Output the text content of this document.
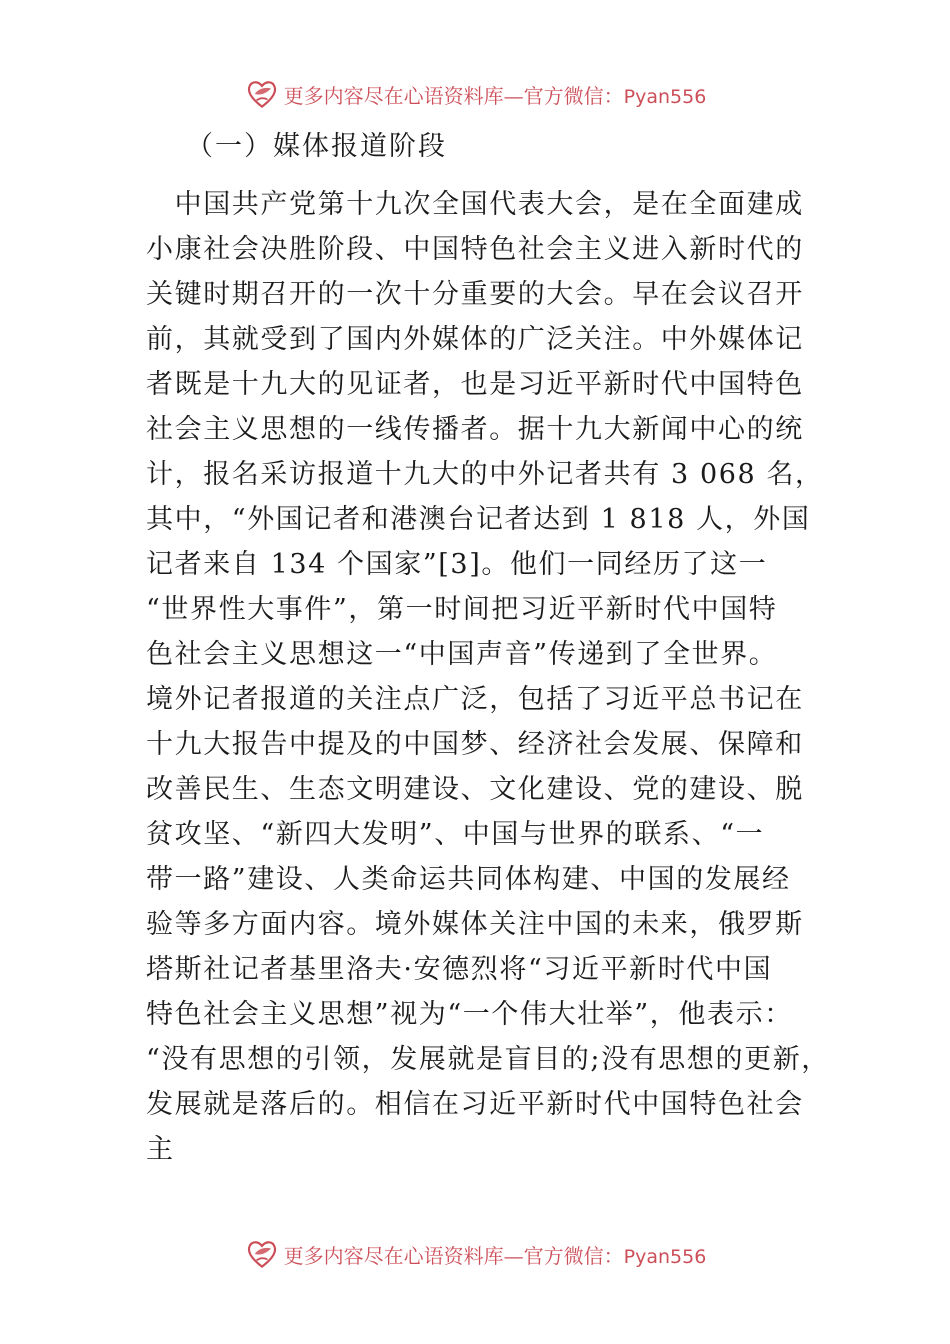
更多内容尽在心语资料库—官方微信：Pyan556
（一）媒体报道阶段
　中国共产党第十九次全国代表大会，是在全面建成
小康社会决胜阶段、中国特色社会主义进入新时代的
关键时期召开的一次十分重要的大会。早在会议召开
前，其就受到了国内外媒体的广泛关注。中外媒体记
者既是十九大的见证者，也是习近平新时代中国特色
社会主义思想的一线传播者。据十九大新闻中心的统
计，报名采访报道十九大的中外记者共有 3 068 名，
其中，“外国记者和港澳台记者达到 1 818 人，外国
记者来自 134 个国家”[3]。他们一同经历了这一
“世界性大事件”，第一时间把习近平新时代中国特
色社会主义思想这一“中国声音”传递到了全世界。
境外记者报道的关注点广泛，包括了习近平总书记在
十九大报告中提及的中国梦、经济社会发展、保障和
改善民生、生态文明建设、文化建设、党的建设、脱
贫攻坚、“新四大发明”、中国与世界的联系、“一
带一路”建设、人类命运共同体构建、中国的发展经
验等多方面内容。境外媒体关注中国的未来，俄罗斯
塔斯社记者基里洛夫·安德烈将“习近平新时代中国
特色社会主义思想”视为“一个伟大壮举”，他表示：
“没有思想的引领，发展就是盲目的;没有思想的更新，
发展就是落后的。相信在习近平新时代中国特色社会
主
更多内容尽在心语资料库—官方微信：Pyan556
